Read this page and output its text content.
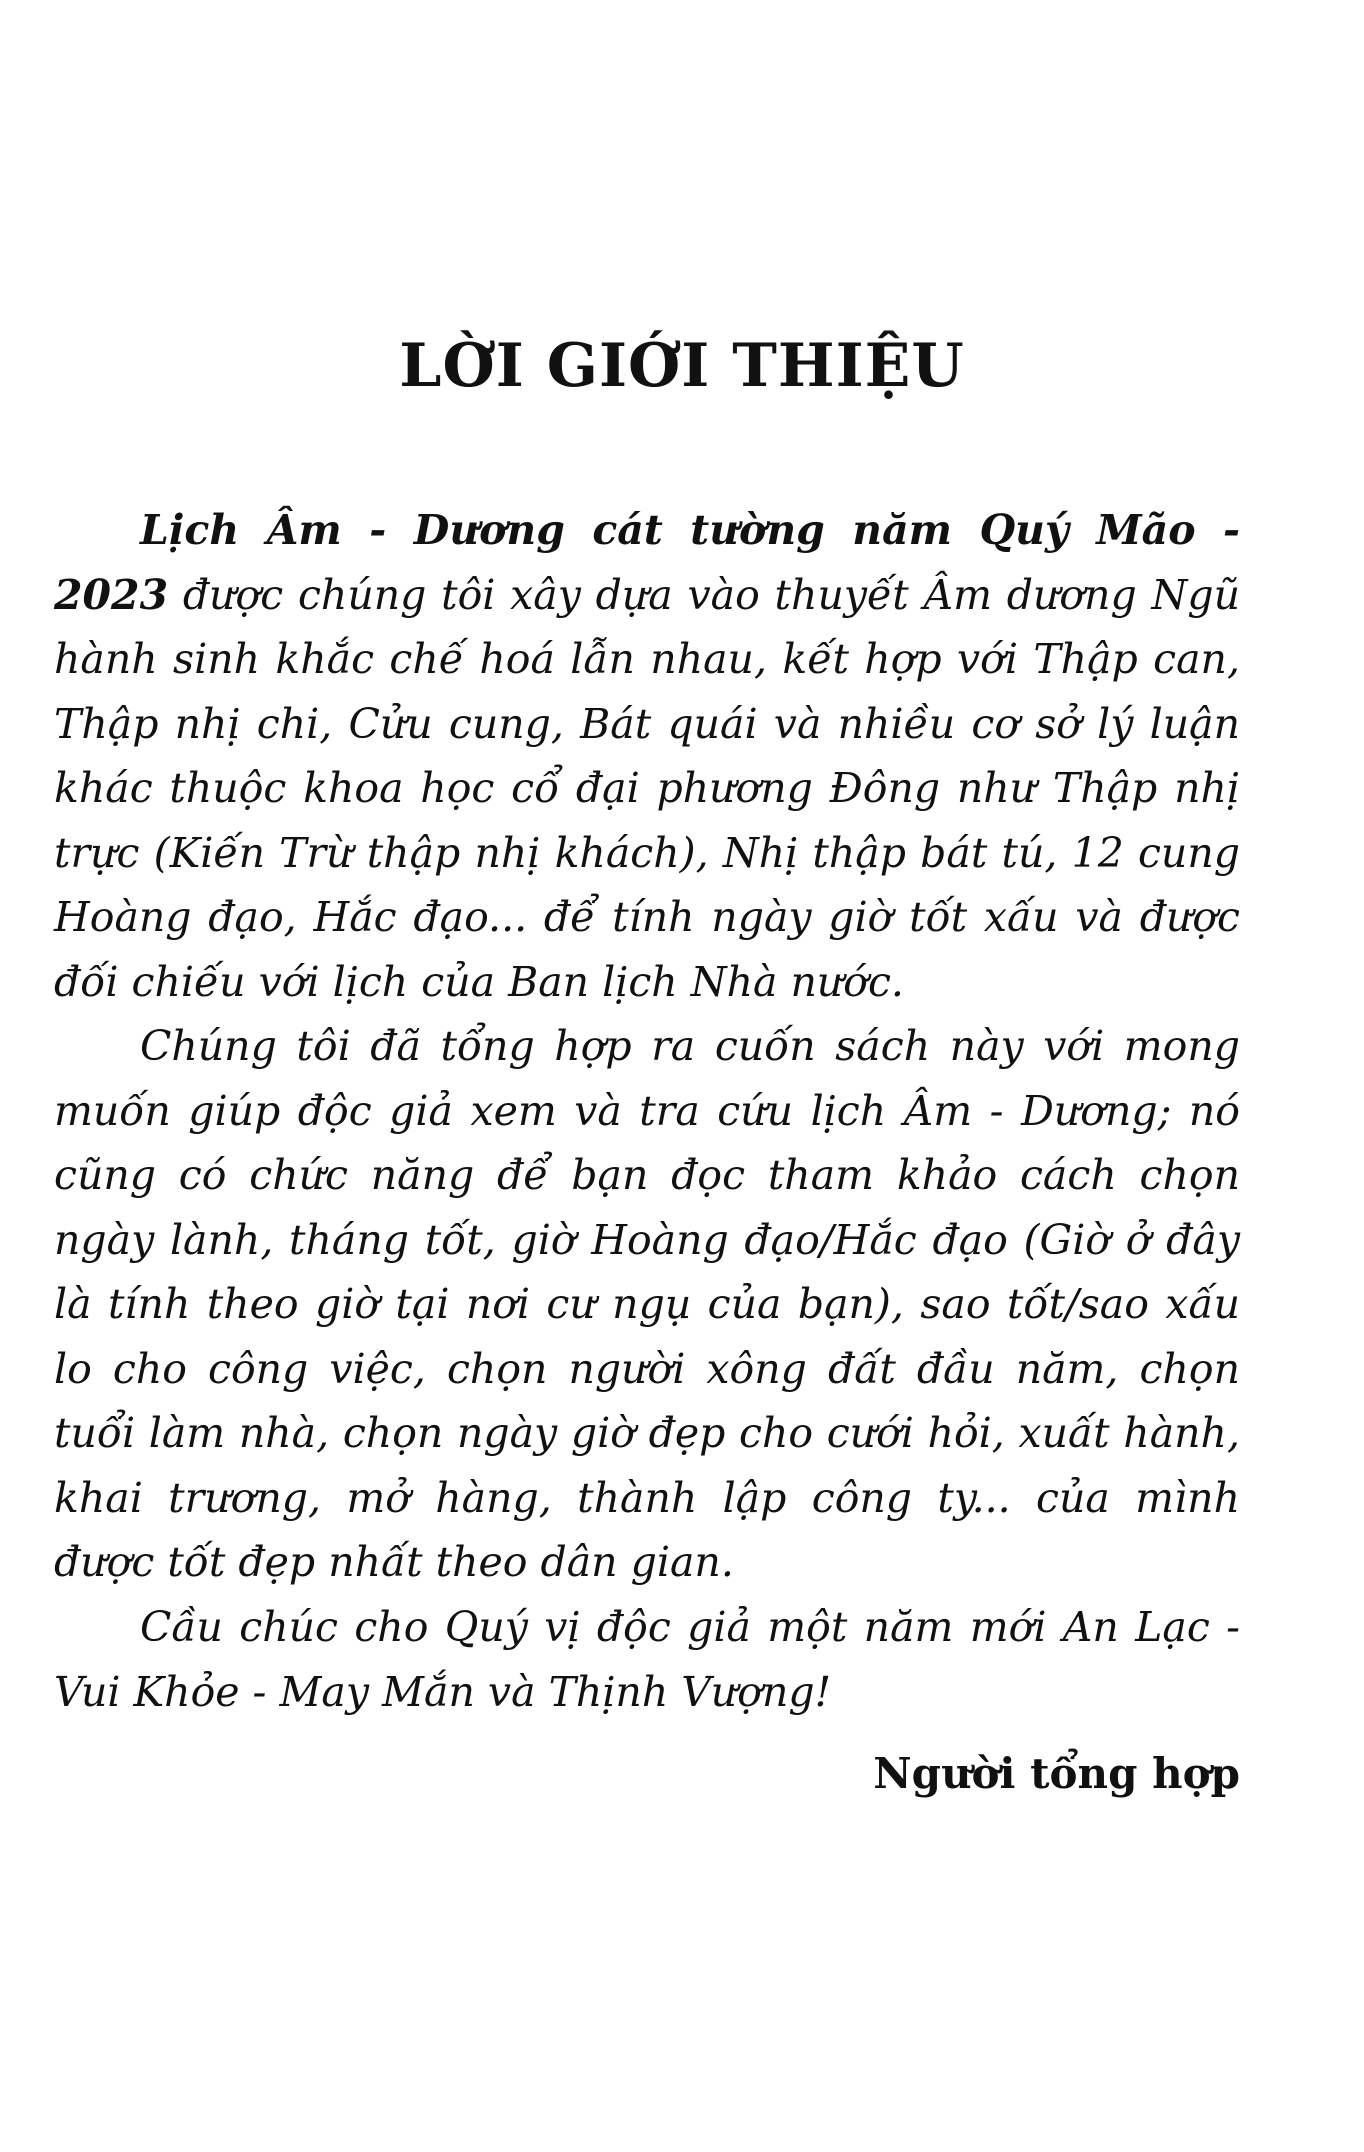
LỜI GIỚI THIỆU

Lịch Âm - Dương cát tường năm Quý Mão - 2023 được chúng tôi xây dựa vào thuyết Âm dương Ngũ hành sinh khắc chế hoá lẫn nhau, kết hợp với Thập can, Thập nhị chi, Cửu cung, Bát quái và nhiều cơ sở lý luận khác thuộc khoa học cổ đại phương Đông như Thập nhị trực (Kiến Trừ thập nhị khách), Nhị thập bát tú, 12 cung Hoàng đạo, Hắc đạo... để tính ngày giờ tốt xấu và được đối chiếu với lịch của Ban lịch Nhà nước.

Chúng tôi đã tổng hợp ra cuốn sách này với mong muốn giúp độc giả xem và tra cứu lịch Âm - Dương; nó cũng có chức năng để bạn đọc tham khảo cách chọn ngày lành, tháng tốt, giờ Hoàng đạo/Hắc đạo (Giờ ở đây là tính theo giờ tại nơi cư ngụ của bạn), sao tốt/sao xấu lo cho công việc, chọn người xông đất đầu năm, chọn tuổi làm nhà, chọn ngày giờ đẹp cho cưới hỏi, xuất hành, khai trương, mở hàng, thành lập công ty... của mình được tốt đẹp nhất theo dân gian.

Cầu chúc cho Quý vị độc giả một năm mới An Lạc - Vui Khỏe - May Mắn và Thịnh Vượng!

Người tổng hợp
